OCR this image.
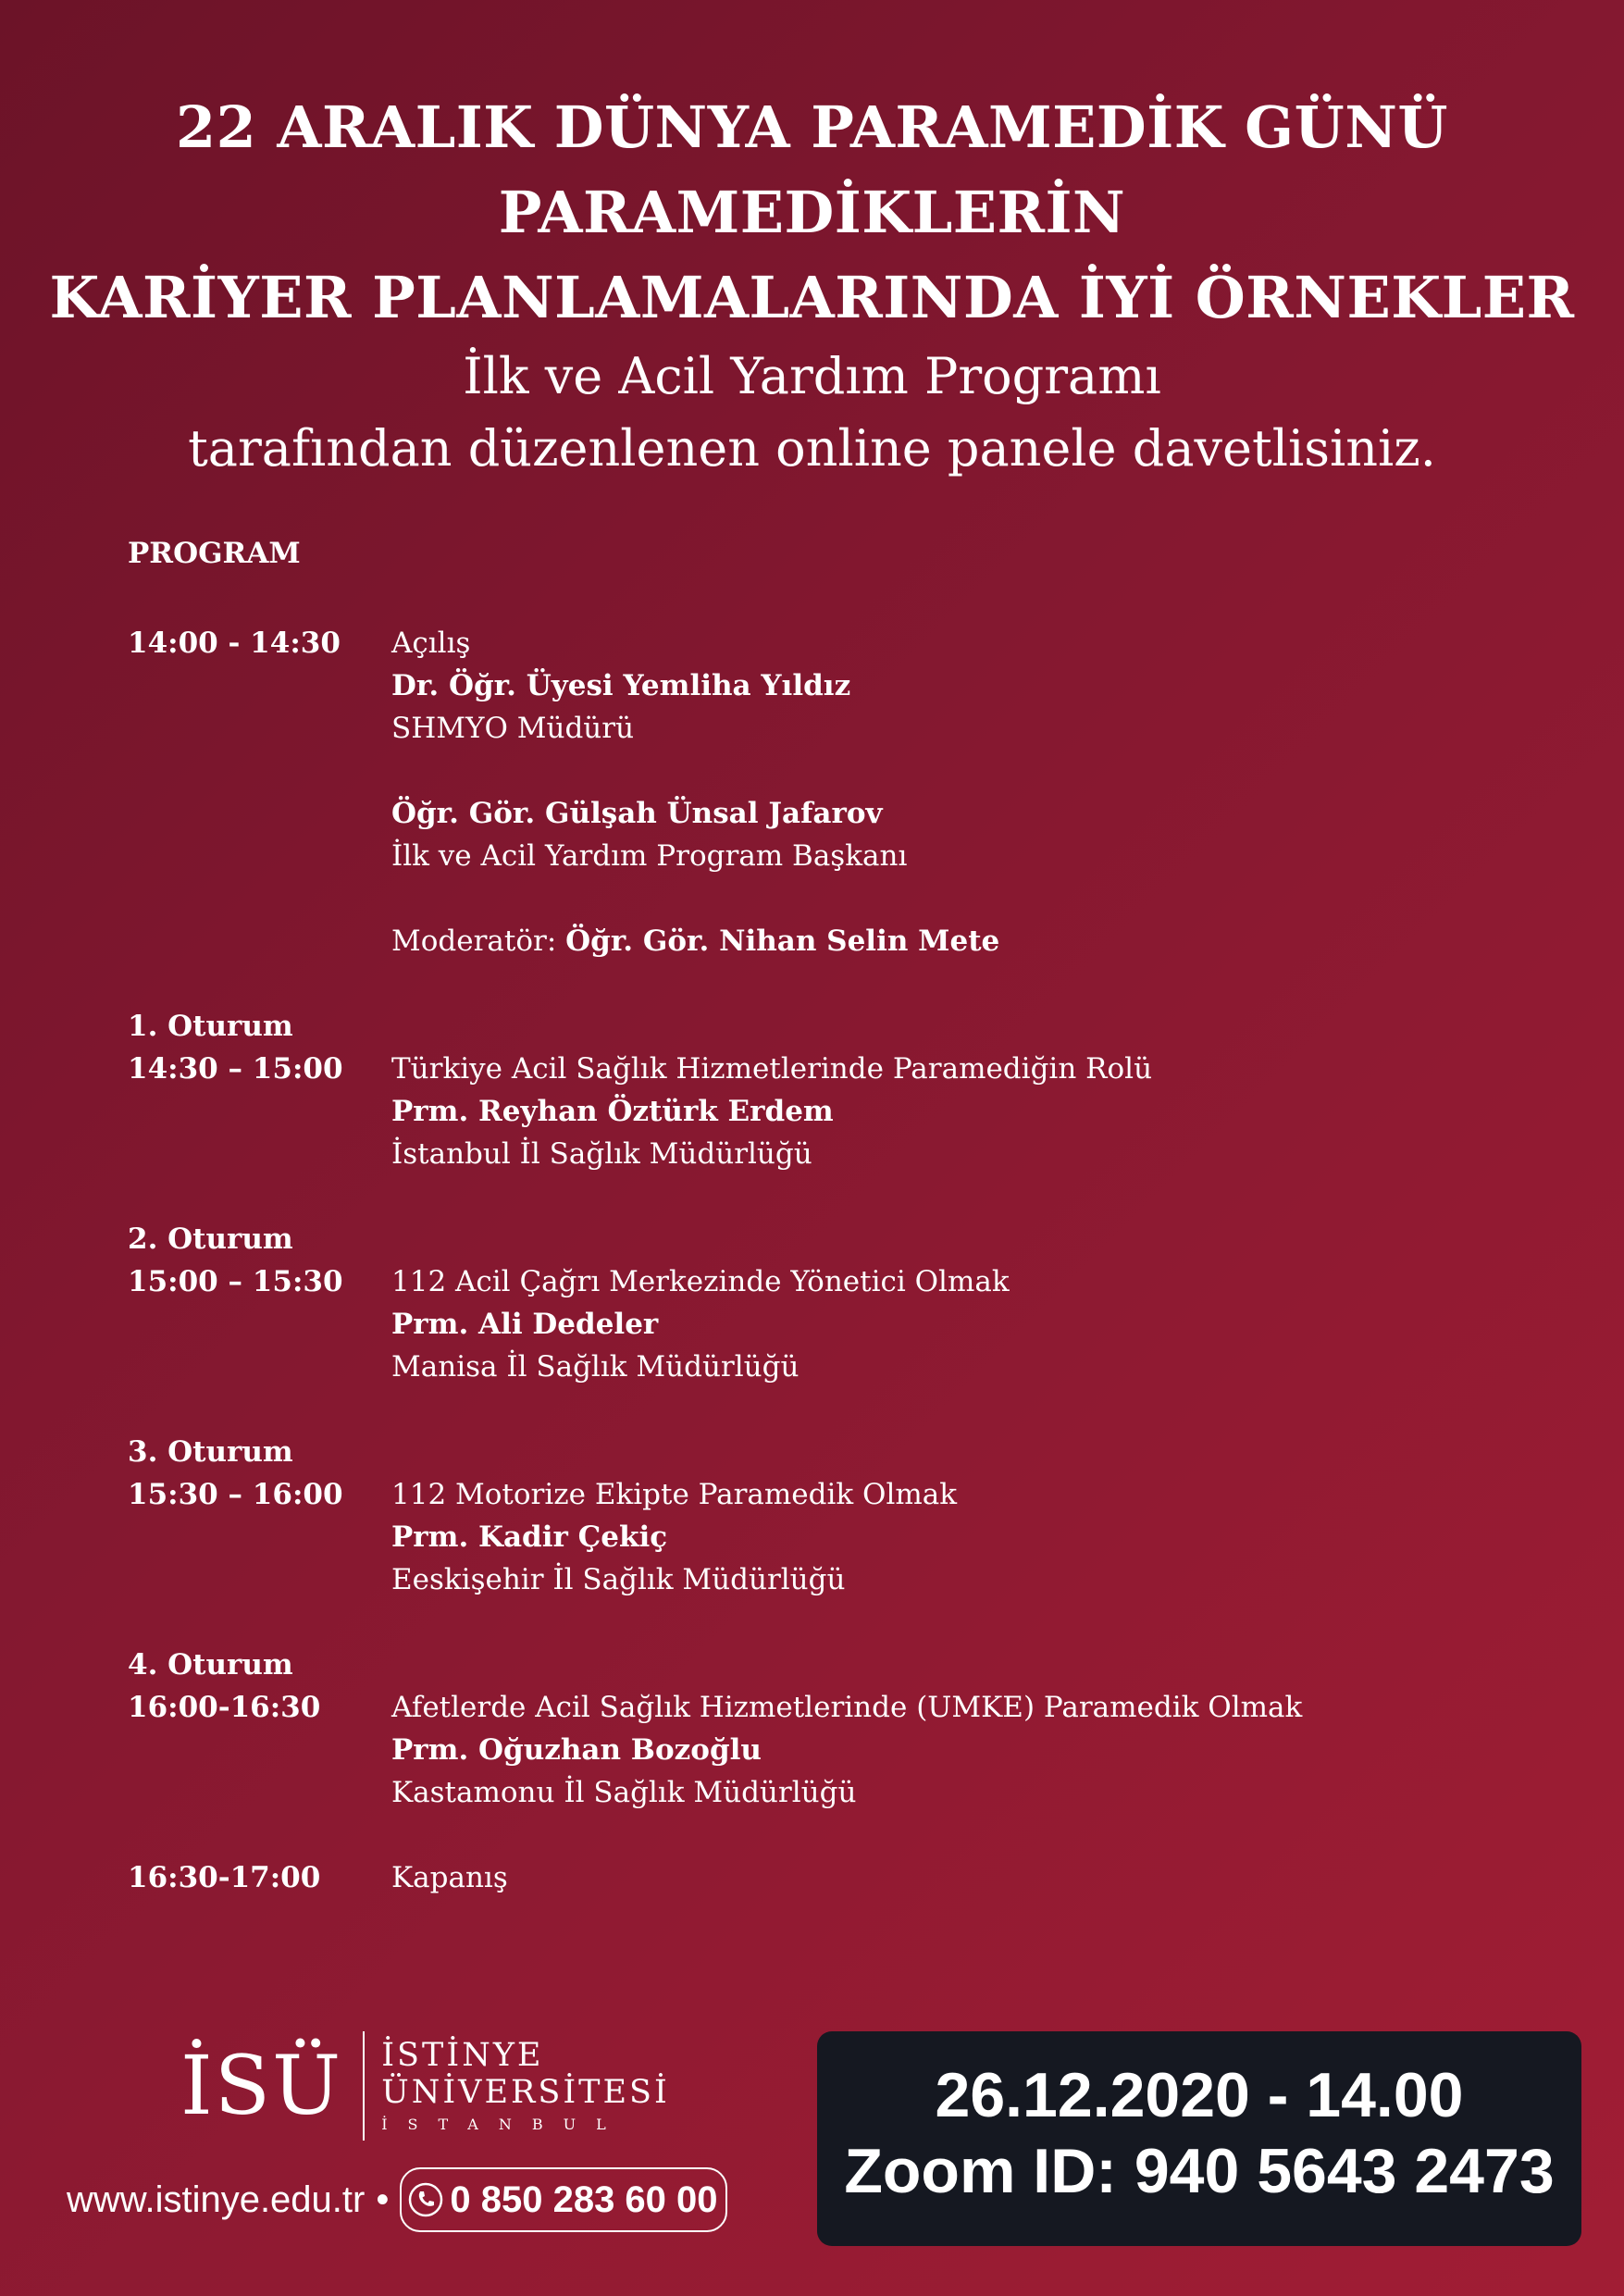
22 ARALIK DÜNYA PARAMEDİK GÜNÜ

PARAMEDİKLERİN

KARİYER PLANLAMALARINDA İYİ ÖRNEKLER

İlk ve Acil Yardım Programı

tarafından düzenlenen online panele davetlisiniz.

PROGRAM
14:00 - 14:30	Açılış
Dr. Öğr. Üyesi Yemliha Yıldız
SHMYO Müdürü
Öğr. Gör. Gülşah Ünsal Jafarov
İlk ve Acil Yardım Program Başkanı
Moderatör: Öğr. Gör. Nihan Selin Mete
1. Oturum
14:30 – 15:00	Türkiye Acil Sağlık Hizmetlerinde Paramediğin Rolü
Prm. Reyhan Öztürk Erdem
İstanbul İl Sağlık Müdürlüğü
2. Oturum
15:00 – 15:30	112 Acil Çağrı Merkezinde Yönetici Olmak
Prm. Ali Dedeler
Manisa İl Sağlık Müdürlüğü
3. Oturum
15:30 – 16:00	112 Motorize Ekipte Paramedik Olmak
Prm. Kadir Çekiç
Eeskişehir İl Sağlık Müdürlüğü
4. Oturum
16:00-16:30	Afetlerde Acil Sağlık Hizmetlerinde (UMKE) Paramedik Olmak
Prm. Oğuzhan Bozoğlu
Kastamonu İl Sağlık Müdürlüğü
16:30-17:00	Kapanış
İSÜ İSTİNYE
ÜNİVERSİTESİ
İSTANBUL
www.istinye.edu.tr • 0 850 283 60 00

26.12.2020 - 14.00

Zoom ID: 940 5643 2473
